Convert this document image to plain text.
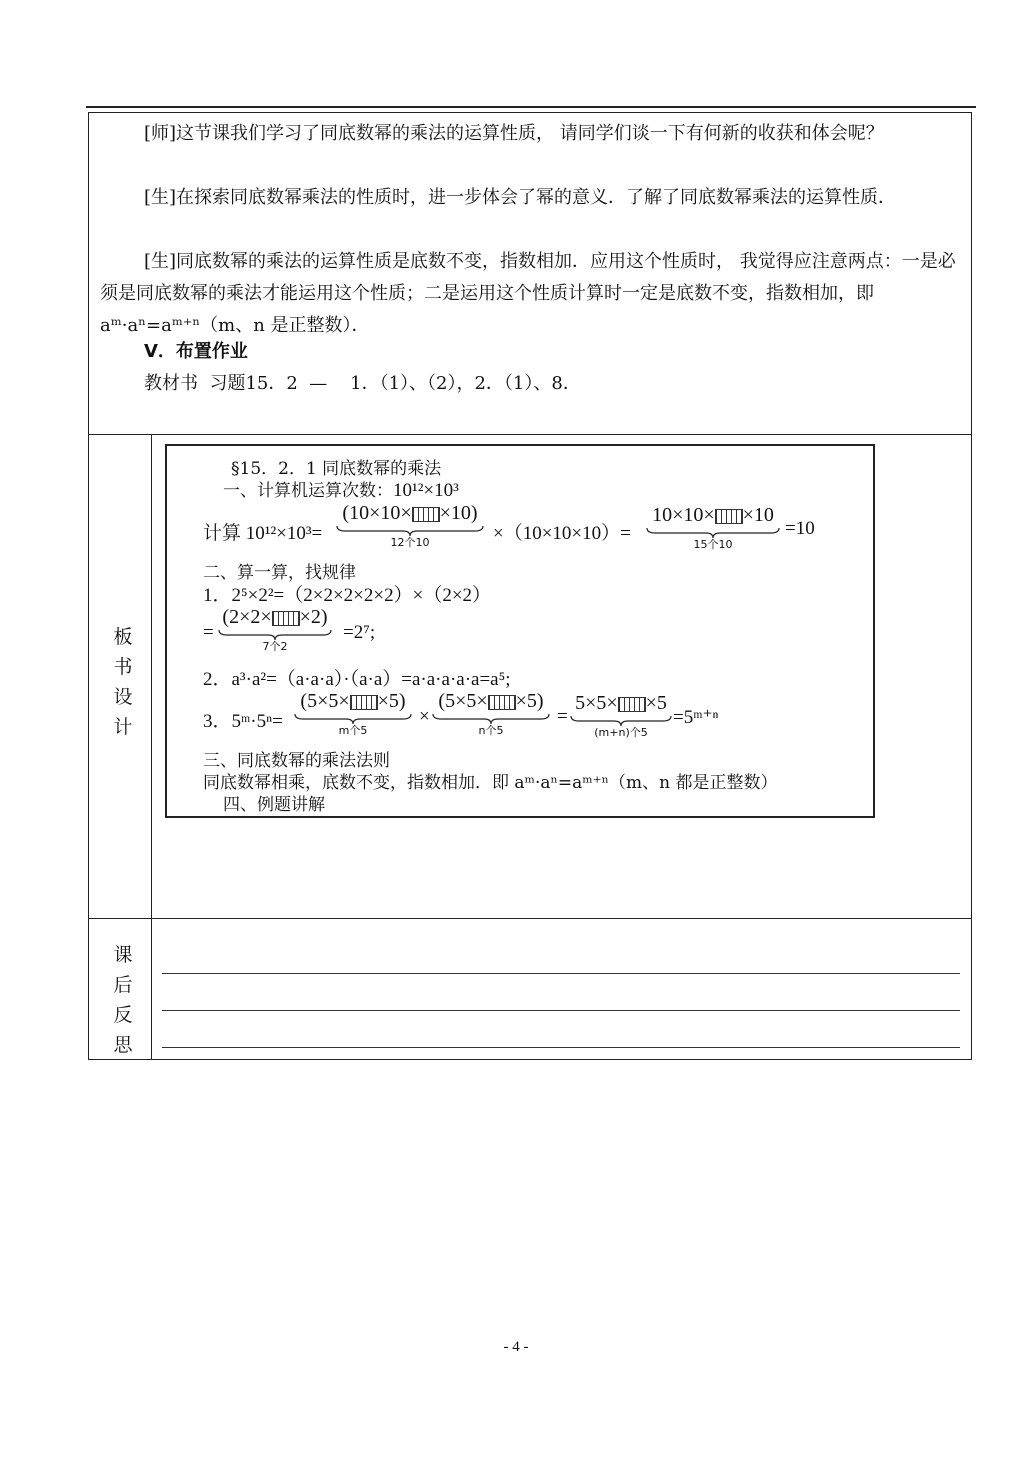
[师]这节课我们学习了同底数幂的乘法的运算性质， 请同学们谈一下有何新的收获和体会呢？
[生]在探索同底数幂乘法的性质时，进一步体会了幂的意义．了解了同底数幂乘法的运算性质．
[生]同底数幂的乘法的运算性质是底数不变，指数相加．应用这个性质时， 我觉得应注意两点：一是必须是同底数幂的乘法才能运用这个性质；二是运用这个性质计算时一定是底数不变，指数相加，即 aᵐ·aⁿ=aᵐ⁺ⁿ（m、n 是正整数）．
V．布置作业
教材书  习题15．2  —    1．（1）、（2），2．（1）、8．
板
书
设
计
课
后
反
思
§15．2．1 同底数幂的乘法
一、计算机运算次数：10¹²×10³
计算 10¹²×10³=
(10×10× ×10)
12个10	×（10×10×10）=
10×10× ×10
15个10
=10
二、算一算，找规律
1．2⁵×2²=（2×2×2×2×2）×（2×2）
=
(2×2× ×2)
7个2
=2⁷;
2．a³·a²=（a·a·a）·（a·a）=a·a·a·a·a=a⁵;
3．5ᵐ·5ⁿ=
(5×5× ×5)
m个5
×
(5×5× ×5)
n个5
=
5×5× ×5
(m+n)个5
=5ᵐ⁺ⁿ
三、同底数幂的乘法法则
同底数幂相乘，底数不变，指数相加．即 aᵐ·aⁿ=aᵐ⁺ⁿ（m、n 都是正整数）
四、例题讲解
- 4 -
